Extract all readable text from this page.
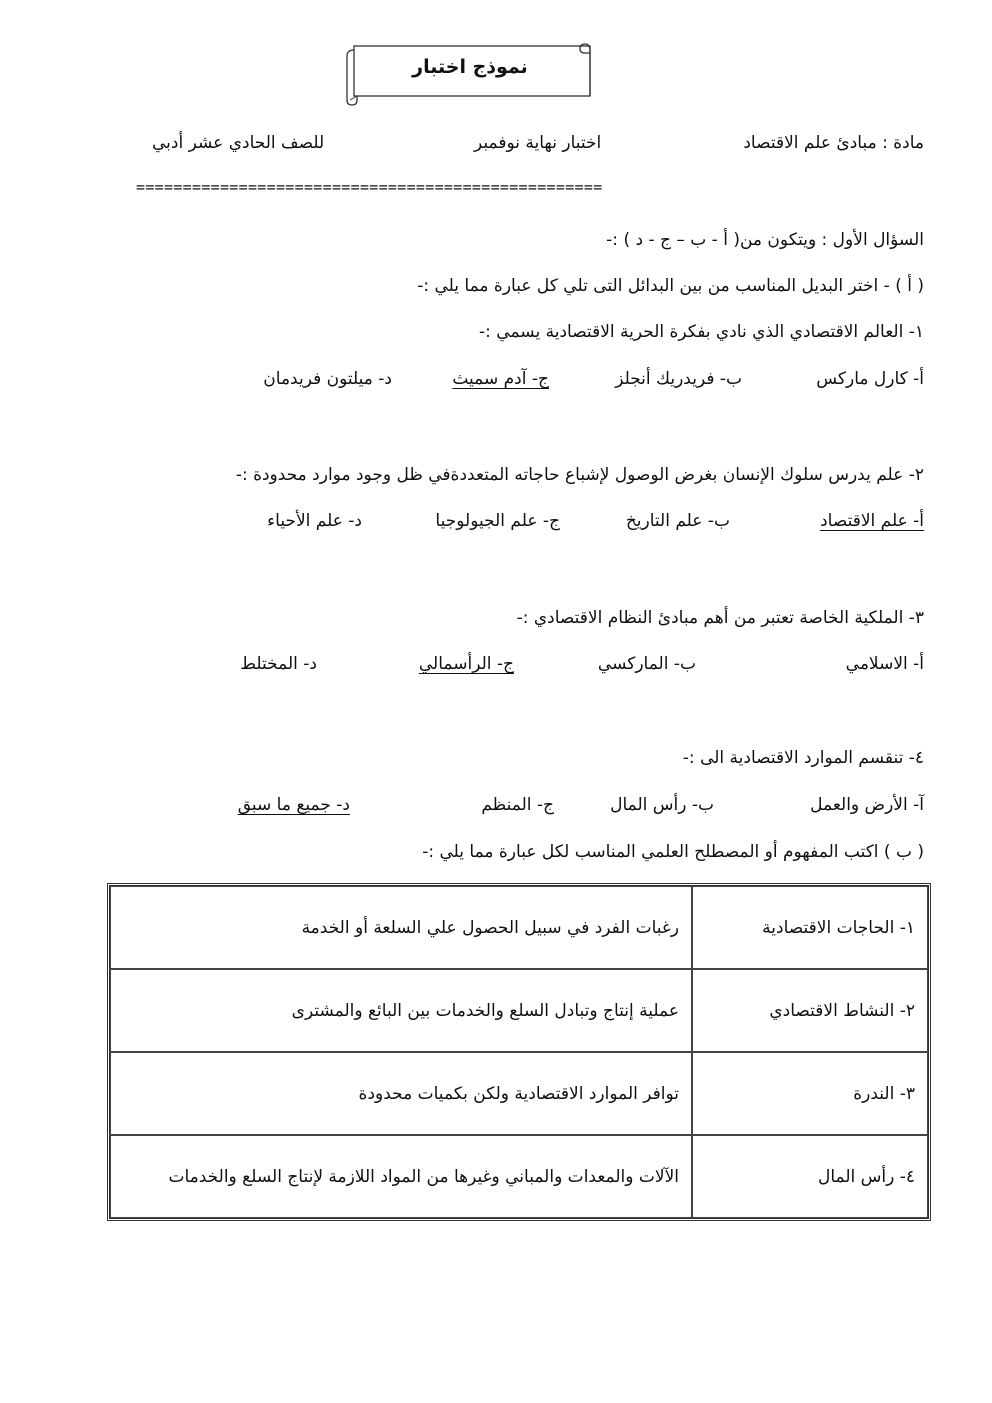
نموذج اختبار
مادة : مبادئ علم الاقتصاد
اختبار نهاية نوفمبر
للصف الحادي عشر أدبي
==================================================
السؤال الأول : ويتكون من( أ - ب – ج - د ) :-
( أ ) - اختر البديل المناسب من بين البدائل التى تلي كل عبارة مما يلي :-
١- العالم الاقتصادي الذي نادي بفكرة الحرية الاقتصادية يسمي :-
أ- كارل ماركس
ب- فريدريك أنجلز
ج- آدم سميث
د- ميلتون فريدمان
٢- علم يدرس سلوك الإنسان بغرض الوصول لإشباع حاجاته المتعددةفي ظل وجود موارد محدودة :-
أ- علم الاقتصاد
ب- علم التاريخ
ج- علم الجيولوجيا
د- علم الأحياء
٣- الملكية الخاصة تعتبر من أهم مبادئ النظام الاقتصادي :-
أ- الاسلامي
ب- الماركسي
ج- الرأسمالي
د- المختلط
٤- تنقسم الموارد الاقتصادية الى :-
آ- الأرض والعمل
ب- رأس المال
ج- المنظم
د- جميع ما سبق
( ب ) اكتب المفهوم أو المصطلح العلمي المناسب لكل عبارة مما يلي :-
١- الحاجات الاقتصادية	رغبات الفرد في سبيل الحصول علي السلعة أو الخدمة
٢- النشاط الاقتصادي	عملية إنتاج وتبادل السلع والخدمات بين البائع والمشترى
٣- الندرة	توافر الموارد الاقتصادية ولكن بكميات محدودة
٤- رأس المال	الآلات والمعدات والمباني وغيرها من المواد اللازمة لإنتاج السلع والخدمات
